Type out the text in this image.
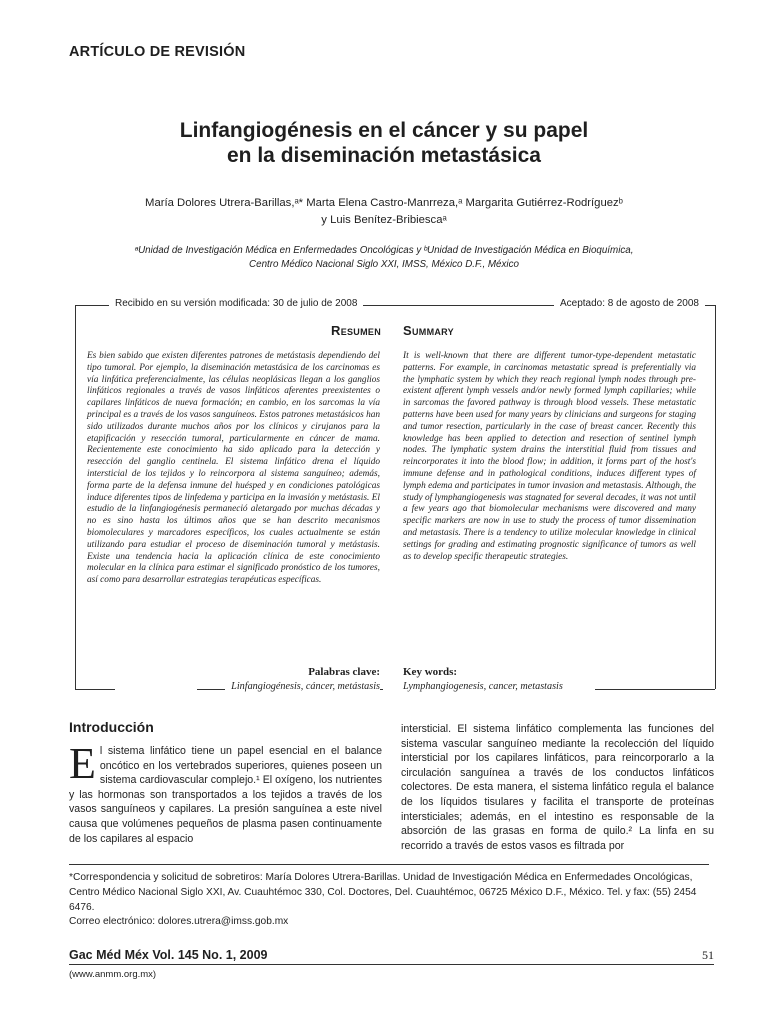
ARTÍCULO DE REVISIÓN
Linfangiogénesis en el cáncer y su papel
en la diseminación metastásica
María Dolores Utrera-Barillas,ᵃ* Marta Elena Castro-Manrreza,ᵃ Margarita Gutiérrez-Rodríguezᵇ
y Luis Benítez-Bribiescaᵃ
ᵃUnidad de Investigación Médica en Enfermedades Oncológicas y ᵇUnidad de Investigación Médica en Bioquímica,
Centro Médico Nacional Siglo XXI, IMSS, México D.F., México
Recibido en su versión modificada: 30 de julio de 2008	Aceptado: 8 de agosto de 2008
Resumen Summary
Es bien sabido que existen diferentes patrones de metástasis dependiendo del tipo tumoral. Por ejemplo, la diseminación metastásica de los carcinomas es vía linfática preferencialmente, las células neoplásicas llegan a los ganglios linfáticos regionales a través de vasos linfáticos aferentes preexistentes o capilares linfáticos de nueva formación; en cambio, en los sarcomas la vía principal es a través de los vasos sanguíneos. Estos patrones metastásicos han sido utilizados durante muchos años por los clínicos y cirujanos para la etapificación y resección tumoral, particularmente en cáncer de mama. Recientemente este conocimiento ha sido aplicado para la detección y resección del ganglio centinela. El sistema linfático drena el líquido intersticial de los tejidos y lo reincorpora al sistema sanguíneo; además, forma parte de la defensa inmune del huésped y en condiciones patológicas induce diferentes tipos de linfedema y participa en la invasión y metástasis. El estudio de la linfangiogénesis permaneció aletargado por muchas décadas y no es sino hasta los últimos años que se han descrito mecanismos biomoleculares y marcadores específicos, los cuales actualmente se están utilizando para estudiar el proceso de diseminación tumoral y metástasis. Existe una tendencia hacia la aplicación clínica de este conocimiento molecular en la clínica para estimar el significado pronóstico de los tumores, así como para desarrollar estrategias terapéuticas específicas.
It is well-known that there are different tumor-type-dependent metastatic patterns. For example, in carcinomas metastatic spread is preferentially via the lymphatic system by which they reach regional lymph nodes through pre-existent afferent lymph vessels and/or newly formed lymph capillaries; while in sarcomas the favored pathway is through blood vessels. These metastatic patterns have been used for many years by clinicians and surgeons for staging and tumor resection, particularly in the case of breast cancer. Recently this knowledge has been applied to detection and resection of sentinel lymph nodes. The lymphatic system drains the interstitial fluid from tissues and reincorporates it into the blood flow; in addition, it forms part of the host's immune defense and in pathological conditions, induces different types of lymph edema and participates in tumor invasion and metastasis. Although, the study of lymphangiogenesis was stagnated for several decades, it was not until a few years ago that biomolecular mechanisms were discovered and many specific markers are now in use to study the process of tumor dissemination and metastasis. There is a tendency to utilize molecular knowledge in clinical settings for grading and estimating prognostic significance of tumors as well as to develop specific therapeutic strategies.
Palabras clave:
Linfangiogénesis, cáncer, metástasis
Key words:
Lymphangiogenesis, cancer, metastasis
Introducción
El sistema linfático tiene un papel esencial en el balance oncótico en los vertebrados superiores, quienes poseen un sistema cardiovascular complejo.¹ El oxígeno, los nutrientes y las hormonas son transportados a los tejidos a través de los vasos sanguíneos y capilares. La presión sanguínea a este nivel causa que volúmenes pequeños de plasma pasen continuamente de los capilares al espacio
intersticial. El sistema linfático complementa las funciones del sistema vascular sanguíneo mediante la recolección del líquido intersticial por los capilares linfáticos, para reincorporarlo a la circulación sanguínea a través de los conductos linfáticos colectores. De esta manera, el sistema linfático regula el balance de los líquidos tisulares y facilita el transporte de proteínas intersticiales; además, en el intestino es responsable de la absorción de las grasas en forma de quilo.² La linfa en su recorrido a través de estos vasos es filtrada por
*Correspondencia y solicitud de sobretiros: María Dolores Utrera-Barillas. Unidad de Investigación Médica en Enfermedades Oncológicas,
Centro Médico Nacional Siglo XXI, Av. Cuauhtémoc 330, Col. Doctores, Del. Cuauhtémoc, 06725 México D.F., México. Tel. y fax: (55) 2454 6476.
Correo electrónico: dolores.utrera@imss.gob.mx
Gac Méd Méx Vol. 145 No. 1, 2009	51
(www.anmm.org.mx)
